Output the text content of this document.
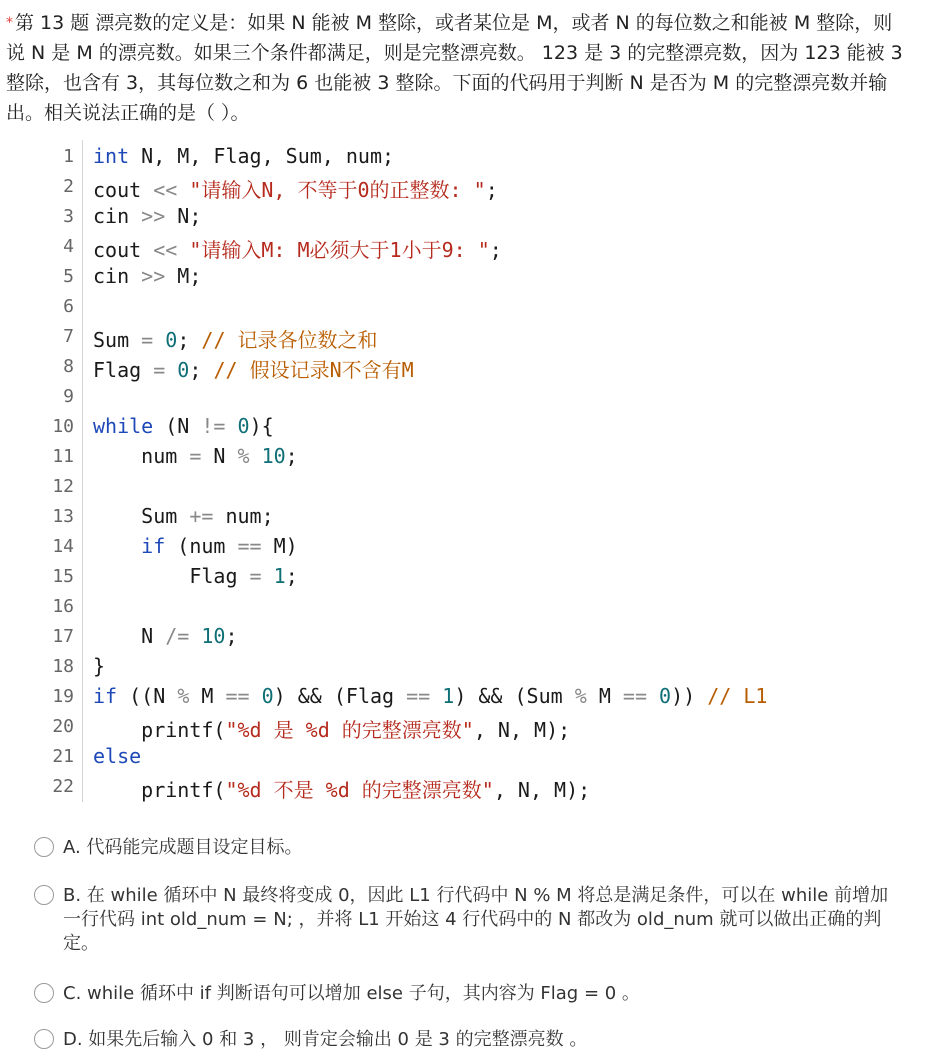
* 第 13 题 漂亮数的定义是：如果 N 能被 M 整除，或者某位是 M，或者 N 的每位数之和能被 M 整除，则说 N 是 M 的漂亮数。如果三个条件都满足，则是完整漂亮数。 123 是 3 的完整漂亮数，因为 123 能被 3 整除，也含有 3，其每位数之和为 6 也能被 3 整除。下面的代码用于判断 N 是否为 M 的完整漂亮数并输出。相关说法正确的是（ ）。
1
2
3
4
5
6
7
8
9
10
11
12
13
14
15
16
17
18
19
20
21
22
int N, M, Flag, Sum, num;
cout << "请输入N, 不等于0的正整数: ";
cin >> N;
cout << "请输入M: M必须大于1小于9: ";
cin >> M;
Sum = 0; // 记录各位数之和
Flag = 0; // 假设记录N不含有M
while (N != 0){
num = N % 10;
Sum += num;
if (num == M)
Flag = 1;
N /= 10;
}
if ((N % M == 0) && (Flag == 1) && (Sum % M == 0)) // L1
printf("%d 是 %d 的完整漂亮数", N, M);
else
printf("%d 不是 %d 的完整漂亮数", N, M);
A. 代码能完成题目设定目标。
B. 在 while 循环中 N 最终将变成 0，因此 L1 行代码中 N % M 将总是满足条件，可以在 while 前增加一行代码 int old_num = N; ，并将 L1 开始这 4 行代码中的 N 都改为 old_num 就可以做出正确的判定。
C. while 循环中 if 判断语句可以增加 else 子句，其内容为 Flag = 0 。
D. 如果先后输入 0 和 3 ， 则肯定会输出 0 是 3 的完整漂亮数 。
